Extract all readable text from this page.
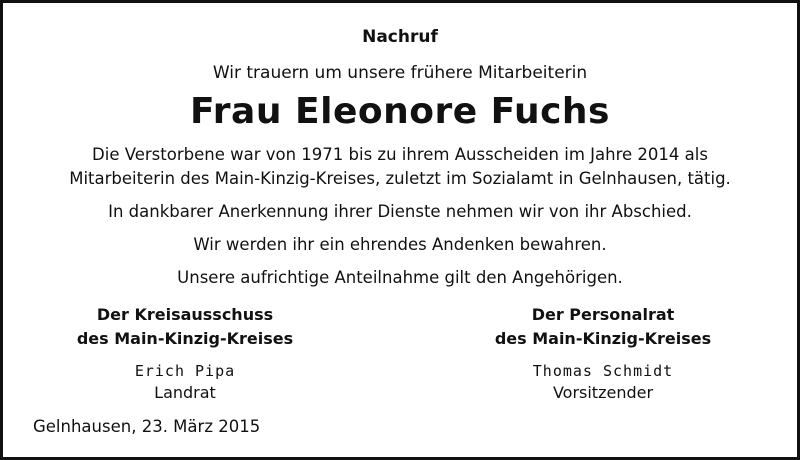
Nachruf
Wir trauern um unsere frühere Mitarbeiterin
Frau Eleonore Fuchs

Die Verstorbene war von 1971 bis zu ihrem Ausscheiden im Jahre 2014 als

Mitarbeiterin des Main-Kinzig-Kreises, zuletzt im Sozialamt in Gelnhausen, tätig.

In dankbarer Anerkennung ihrer Dienste nehmen wir von ihr Abschied.

Wir werden ihr ein ehrendes Andenken bewahren.

Unsere aufrichtige Anteilnahme gilt den Angehörigen.

Der Kreisausschuss
des Main-Kinzig-Kreises
Erich Pipa
Landrat
Der Personalrat
des Main-Kinzig-Kreises
Thomas Schmidt
Vorsitzender
Gelnhausen, 23. März 2015
